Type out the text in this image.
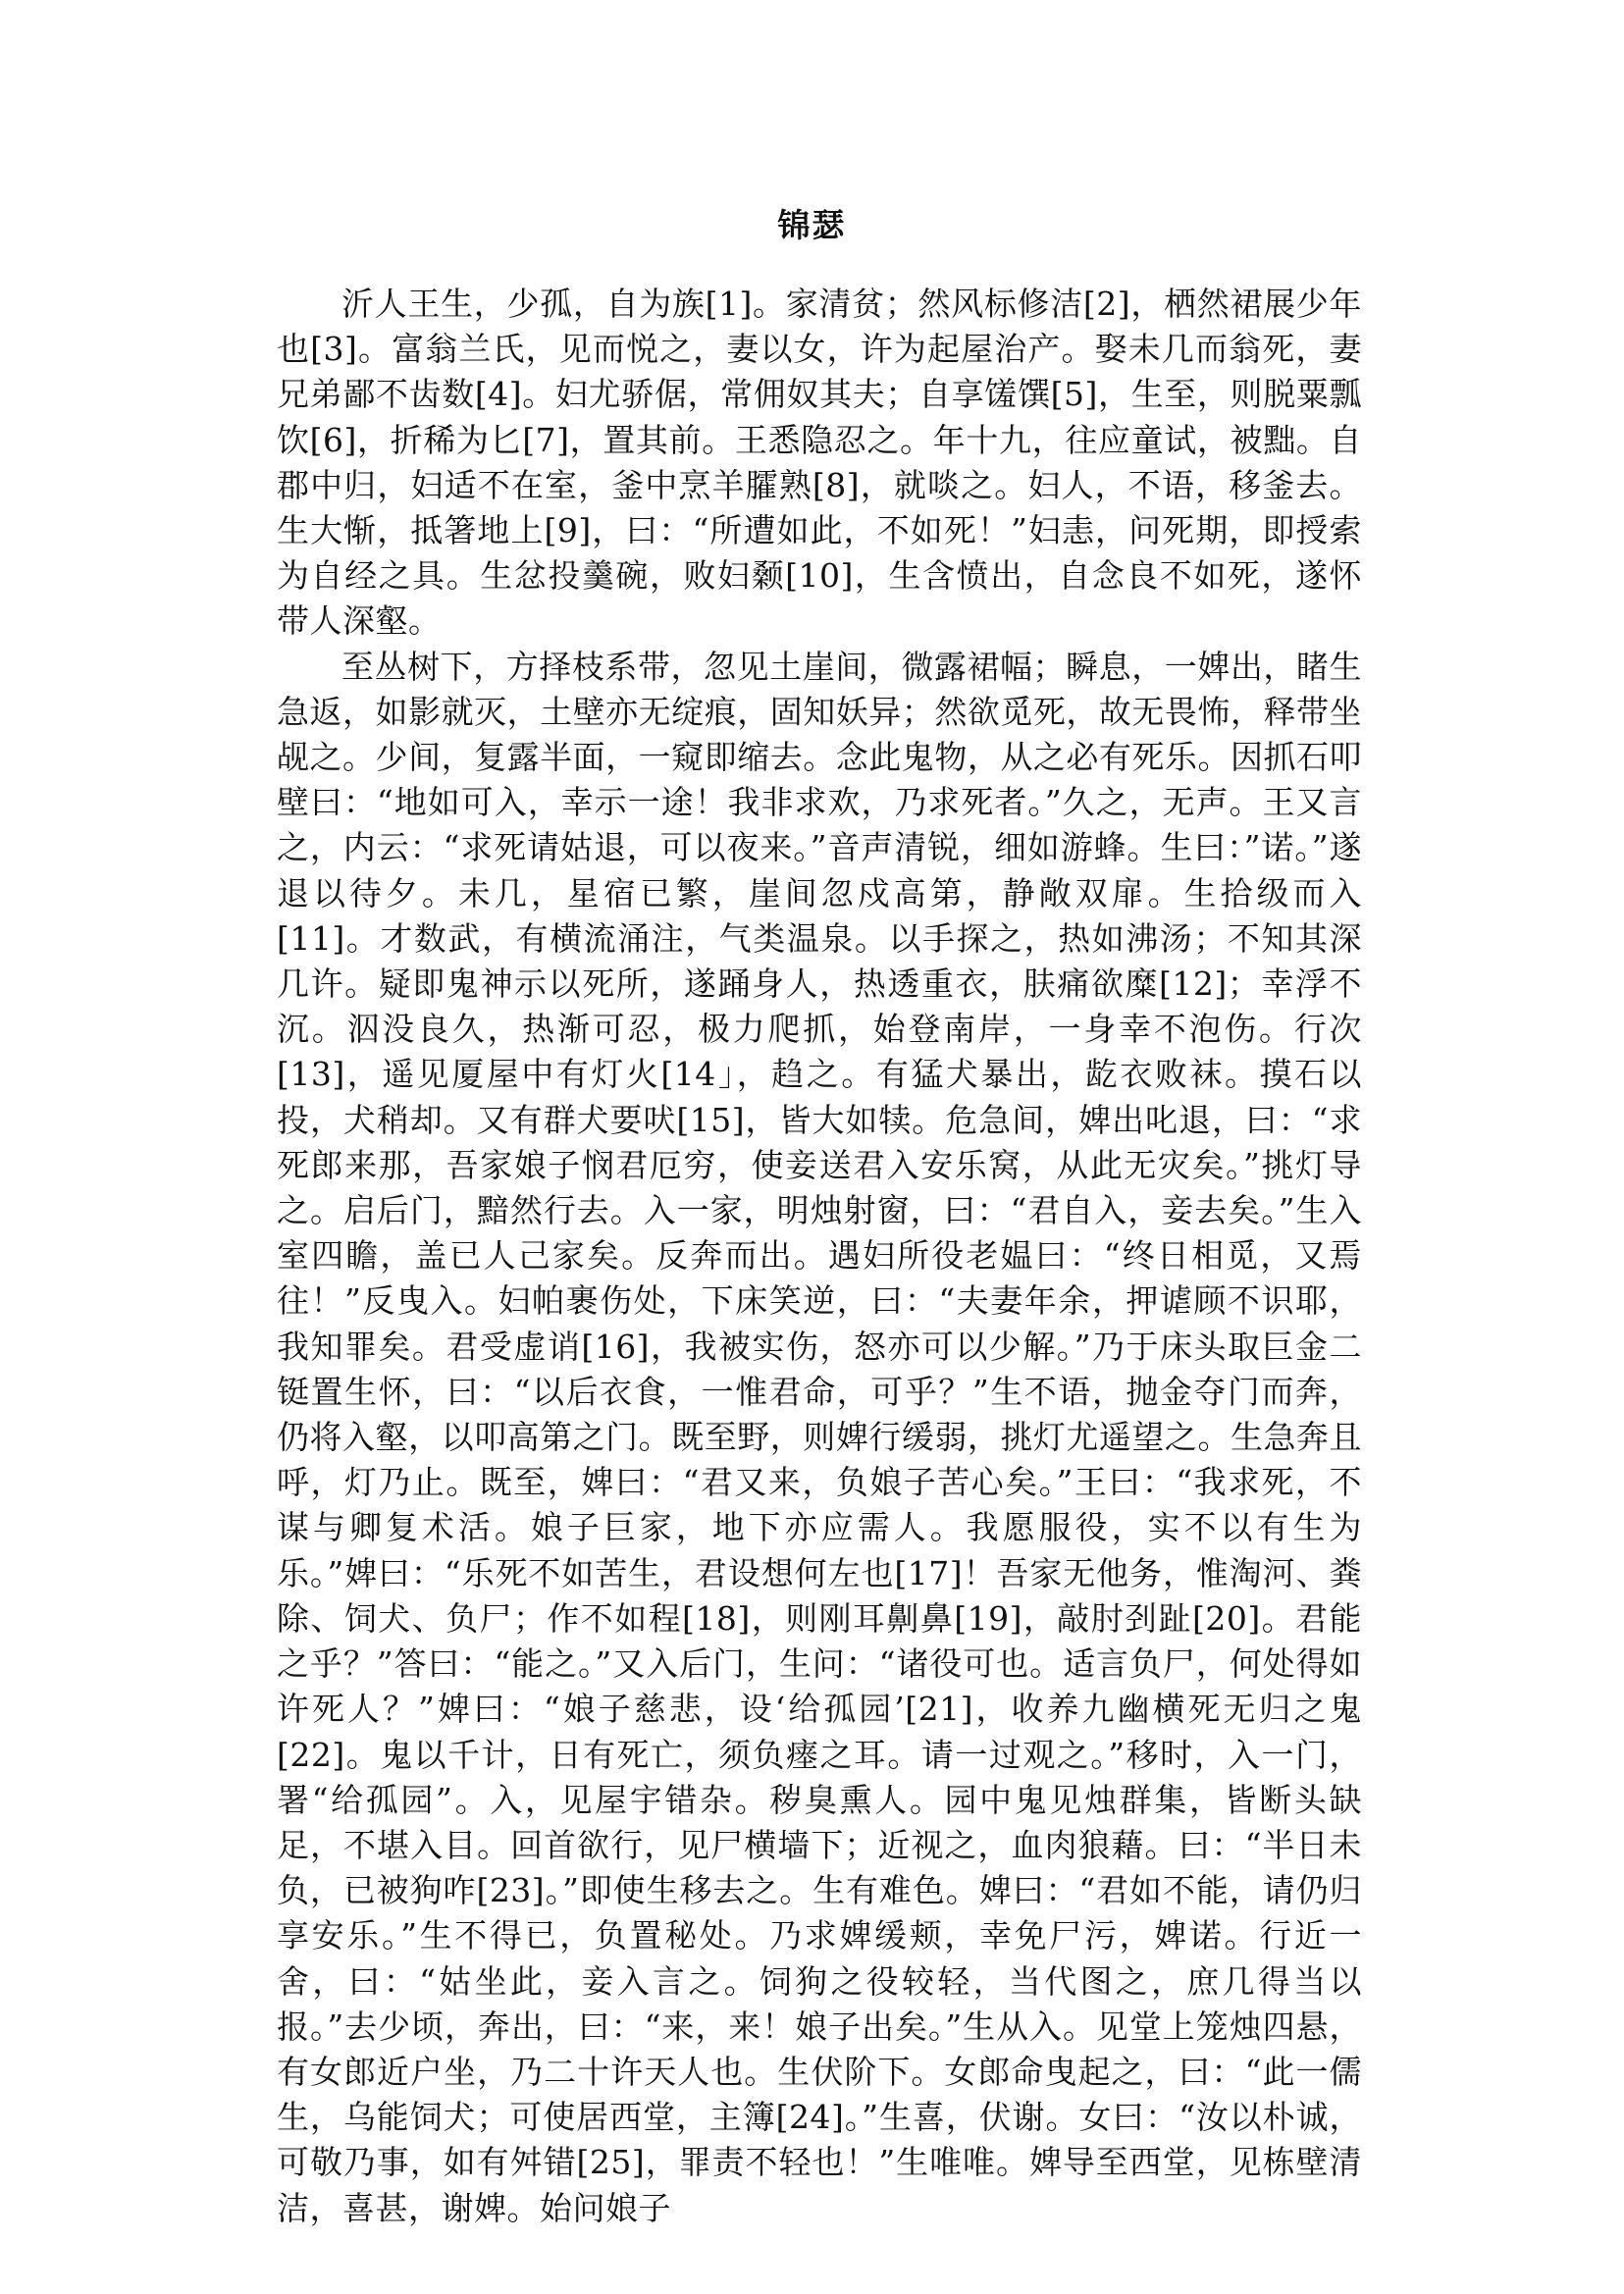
锦瑟

沂人王生，少孤，自为族[1]。家清贫；然风标修洁[2]，栖然裙展少年也[3]。富翁兰氏，见而悦之，妻以女，许为起屋治产。娶未几而翁死，妻兄弟鄙不齿数[4]。妇尤骄倨，常佣奴其夫；自享馐馔[5]，生至，则脱粟瓢饮[6]，折稀为匕[7]，置其前。王悉隐忍之。年十九，往应童试，被黜。自郡中归，妇适不在室，釜中烹羊臛熟[8]，就啖之。妇人，不语，移釜去。生大惭，抵箸地上[9]，曰：“所遭如此，不如死！”妇恚，问死期，即授索为自经之具。生忿投羹碗，败妇颡[10]，生含愤出，自念良不如死，遂怀带人深壑。

至丛树下，方择枝系带，忽见土崖间，微露裙幅；瞬息，一婢出，睹生急返，如影就灭，土壁亦无绽痕，固知妖异；然欲觅死，故无畏怖，释带坐觇之。少间，复露半面，一窥即缩去。念此鬼物，从之必有死乐。因抓石叩壁曰：“地如可入，幸示一途！我非求欢，乃求死者。”久之，无声。王又言之，内云：“求死请姑退，可以夜来。”音声清锐，细如游蜂。生曰：”诺。”遂退以待夕。未几，星宿已繁，崖间忽戍高第，静敞双扉。生拾级而入[11]。才数武，有横流涌注，气类温泉。以手探之，热如沸汤；不知其深几许。疑即鬼神示以死所，遂踊身人，热透重衣，肤痛欲糜[12]；幸浮不沉。泅没良久，热渐可忍，极力爬抓，始登南岸，一身幸不泡伤。行次[13]，遥见厦屋中有灯火[14」，趋之。有猛犬暴出，龁衣败袜。摸石以投，犬稍却。又有群犬要吠[15]，皆大如犊。危急间，婢出叱退，曰：“求死郎来那，吾家娘子悯君厄穷，使妾送君入安乐窝，从此无灾矣。”挑灯导之。启后门，黯然行去。入一家，明烛射窗，曰：“君自入，妾去矣。”生入室四瞻，盖已人己家矣。反奔而出。遇妇所役老媪曰：“终日相觅，又焉往！”反曳入。妇帕裹伤处，下床笑逆，曰：“夫妻年余，押谑顾不识耶，我知罪矣。君受虚诮[16]，我被实伤，怒亦可以少解。”乃于床头取巨金二铤置生怀，曰：“以后衣食，一惟君命，可乎？”生不语，抛金夺门而奔，仍将入壑，以叩高第之门。既至野，则婢行缓弱，挑灯尤遥望之。生急奔且呼，灯乃止。既至，婢曰：“君又来，负娘子苦心矣。”王曰：“我求死，不谋与卿复术活。娘子巨家，地下亦应需人。我愿服役，实不以有生为乐。”婢曰：“乐死不如苦生，君设想何左也[17]！吾家无他务，惟淘河、粪除、饲犬、负尸；作不如程[18]，则刚耳劓鼻[19]，敲肘刭趾[20]。君能之乎？”答曰：“能之。”又入后门，生问：“诸役可也。适言负尸，何处得如许死人？”婢曰：“娘子慈悲，设‘给孤园’[21]，收养九幽横死无归之鬼[22]。鬼以千计，日有死亡，须负瘗之耳。请一过观之。”移时，入一门，署“给孤园”。入，见屋宇错杂。秽臭熏人。园中鬼见烛群集，皆断头缺足，不堪入目。回首欲行，见尸横墙下；近视之，血肉狼藉。曰：“半日未负，已被狗咋[23]。”即使生移去之。生有难色。婢曰：“君如不能，请仍归享安乐。”生不得已，负置秘处。乃求婢缓颊，幸免尸污，婢诺。行近一舍，曰：“姑坐此，妾入言之。饲狗之役较轻，当代图之，庶几得当以报。”去少顷，奔出，曰：“来，来！娘子出矣。”生从入。见堂上笼烛四悬，有女郎近户坐，乃二十许天人也。生伏阶下。女郎命曳起之，曰：“此一儒生，乌能饲犬；可使居西堂，主簿[24]。”生喜，伏谢。女曰：“汝以朴诚，可敬乃事，如有舛错[25]，罪责不轻也！”生唯唯。婢导至西堂，见栋壁清洁，喜甚，谢婢。始问娘子
